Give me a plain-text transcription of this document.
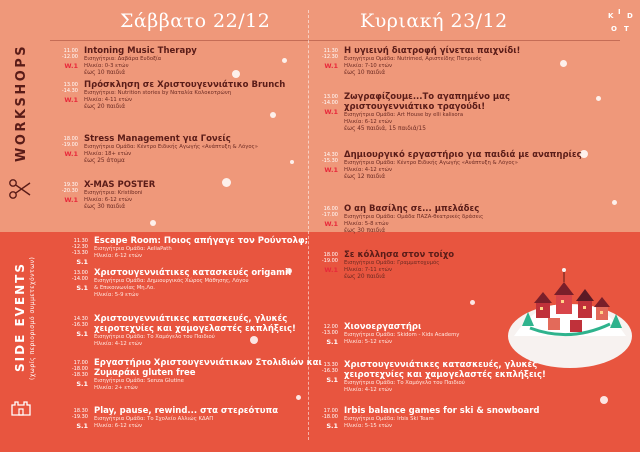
Σάββατο 22/12	Κυριακή 23/12	K I D
O T
WORKSHOPS
SIDE EVENTS (χωρίς περιορισμό συμμετεχόντων)
11.00
-12.00
W.1
Intoning Music Therapy
Εισηγήτρια: Δαβάρα Ευδοξία
Ηλικία: 0-3 ετών
έως 10 παιδιά
13.00
-14.30
W.1
Πρόσκληση σε Χριστουγεννιάτικο Brunch
Εισηγήτρια: Nutrition stories by Ναταλία Κολοκοτρώνη
Ηλικία: 4-11 ετών
έως 20 παιδιά
18.00
-19.00
W.1
Stress Management για Γονείς
Εισηγήτρια Ομάδα: Κέντρο Ειδικής Αγωγής «Ανάπτυξη & Λόγος»
Ηλικία: 18+ ετών
έως 25 άτομα
19.30
-20.30
W.1
X-MAS POSTER
Εισηγήτρια: Kristiboni
Ηλικία: 6-12 ετών
έως 30 παιδιά
11.30
-12.30
W.1
Η υγιεινή διατροφή γίνεται παιχνίδι!
Εισηγήτρια Ομάδα: Nutrimed, Αριστείδης Πατρινός
Ηλικία: 7-10 ετών
έως 10 παιδιά
13.00
-14.00
W.1
Ζωγραφίζουμε...Το αγαπημένο μας χριστουγεννιάτικο τραγούδι!
Εισηγήτρια Ομάδα: Art House by elli kalisora
Ηλικία: 6-12 ετών
έως 45 παιδιά, 15 παιδιά/15
14.30
-15.30
W.1
Δημιουργικό εργαστήριο για παιδιά με αναπηρίες
Εισηγήτρια Ομάδα: Κέντρο Ειδικής Αγωγής «Ανάπτυξη & Λόγος»
Ηλικία: 4-12 ετών
έως 12 παιδιά
16.00
-17.00
W.1
Ο αη Βασίλης σε... μπελάδες
Εισηγήτρια Ομάδα: Ομάδα ΠΑΖΑ-θεατρικές δράσεις
Ηλικία: 5-8 ετών
έως 30 παιδιά
18.00
-19.00
W.1
Σε κόλλησα στον τοίχο
Εισηγήτρια Ομάδα: Γραμματοχυμός
Ηλικία: 7-11 ετών
έως 20 παιδιά
11.30
-12.30
-13.30
S.1
Escape Room: Ποιος απήγαγε τον Ρούντολφ;
Εισηγήτρια Ομάδα: AeliaPath
Ηλικία: 6-12 ετών
13.00
-14.00
S.1
Χριστουγεννιάτικες κατασκευές origami!
Εισηγήτρια Ομάδα: Δημιουργικός Χώρος Μάθησης, Λόγου
& Επικοινωνίας Μη.Λο.
Ηλικία: 5-9 ετών
14.30
-16.30
S.1
Χριστουγεννιάτικες κατασκευές, γλυκές χειροτεχνίες και χαμογελαστές εκπλήξεις!
Εισηγήτρια Ομάδα: Το Χαμόγελο του Παιδιού
Ηλικία: 4-12 ετών
17.00
-18.00
-18.30
S.1
Εργαστήριο Χριστουγεννιάτικων Στολιδιών και Ζυμαράκι gluten free
Εισηγήτρια Ομάδα: Senza Glutine
Ηλικία: 2+ ετών
18.30
-19.30
S.1
Play, pause, rewind... στα στερεότυπα
Εισηγήτρια Ομάδα: Το Σχολείο Αλλιώς ΚΔΑΠ
Ηλικία: 6-12 ετών
12.00
-13.00
S.1
Χιονοεργαστήρι
Εισηγήτρια Ομάδα: Skidom - Kids Academy
Ηλικία: 5-12 ετών
13.30
-16.30
S.1
Χριστουγεννιάτικες κατασκευές, γλυκές χειροτεχνίες και χαμογελαστές εκπλήξεις!
Εισηγήτρια Ομάδα: Το Χαμόγελο του Παιδιού
Ηλικία: 4-12 ετών
17.00
-18.00
S.1
Irbis balance games for ski & snowboard
Εισηγήτρια Ομάδα: Irbis Ski Team
Ηλικία: 5-15 ετών
